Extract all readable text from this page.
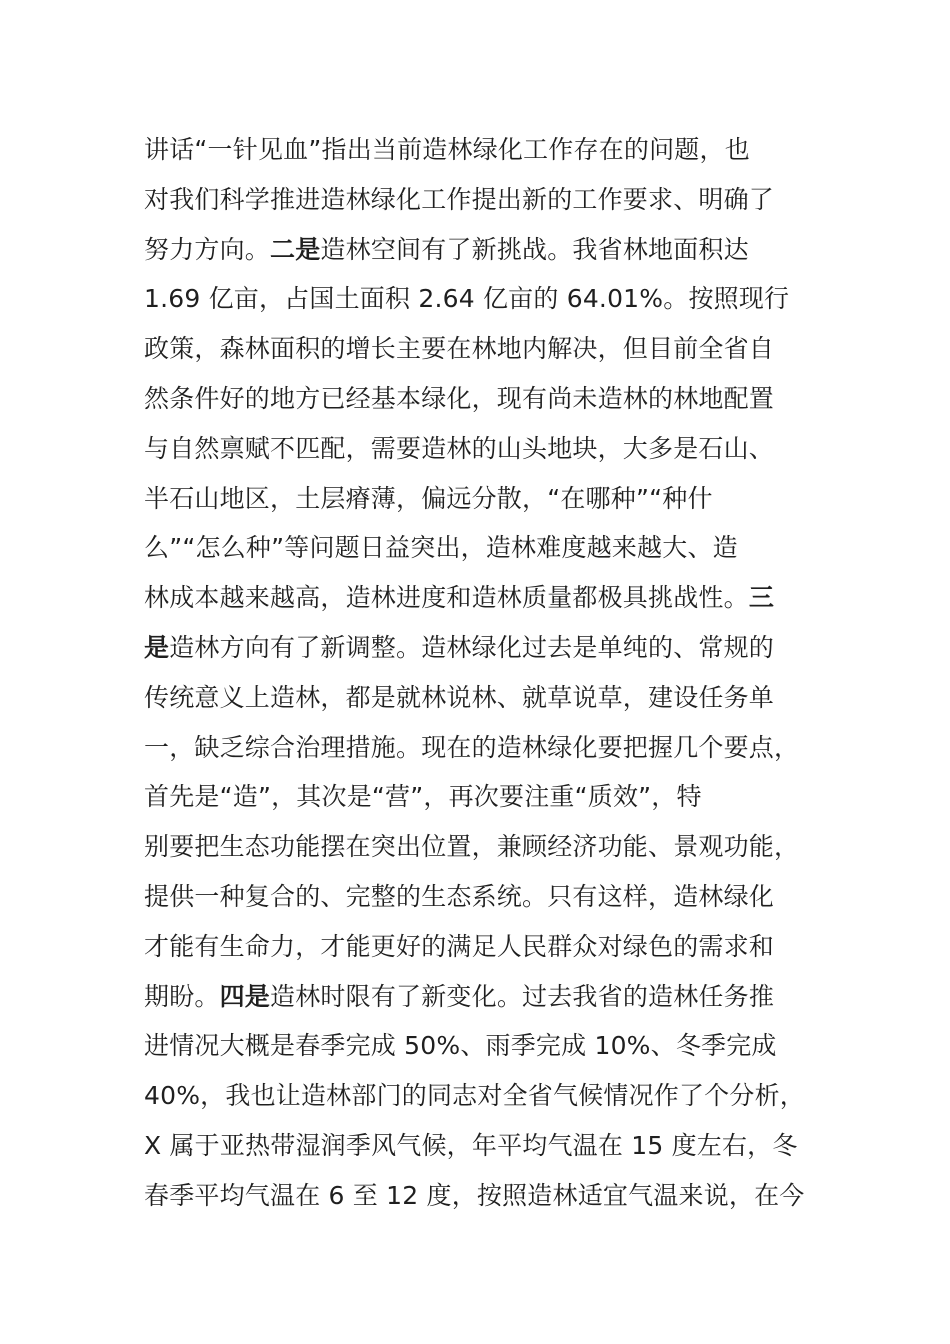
讲话“一针见血”指出当前造林绿化工作存在的问题，也
对我们科学推进造林绿化工作提出新的工作要求、明确了
努力方向。二是造林空间有了新挑战。我省林地面积达
1.69 亿亩，占国土面积 2.64 亿亩的 64.01%。按照现行
政策，森林面积的增长主要在林地内解决，但目前全省自
然条件好的地方已经基本绿化，现有尚未造林的林地配置
与自然禀赋不匹配，需要造林的山头地块，大多是石山、
半石山地区，土层瘠薄，偏远分散，“在哪种”“种什
么”“怎么种”等问题日益突出，造林难度越来越大、造
林成本越来越高，造林进度和造林质量都极具挑战性。三
是造林方向有了新调整。造林绿化过去是单纯的、常规的
传统意义上造林，都是就林说林、就草说草，建设任务单
一，缺乏综合治理措施。现在的造林绿化要把握几个要点，
首先是“造”，其次是“营”，再次要注重“质效”，特
别要把生态功能摆在突出位置，兼顾经济功能、景观功能，
提供一种复合的、完整的生态系统。只有这样，造林绿化
才能有生命力，才能更好的满足人民群众对绿色的需求和
期盼。四是造林时限有了新变化。过去我省的造林任务推
进情况大概是春季完成 50%、雨季完成 10%、冬季完成
40%，我也让造林部门的同志对全省气候情况作了个分析，
X 属于亚热带湿润季风气候，年平均气温在 15 度左右，冬
春季平均气温在 6 至 12 度，按照造林适宜气温来说，在今
